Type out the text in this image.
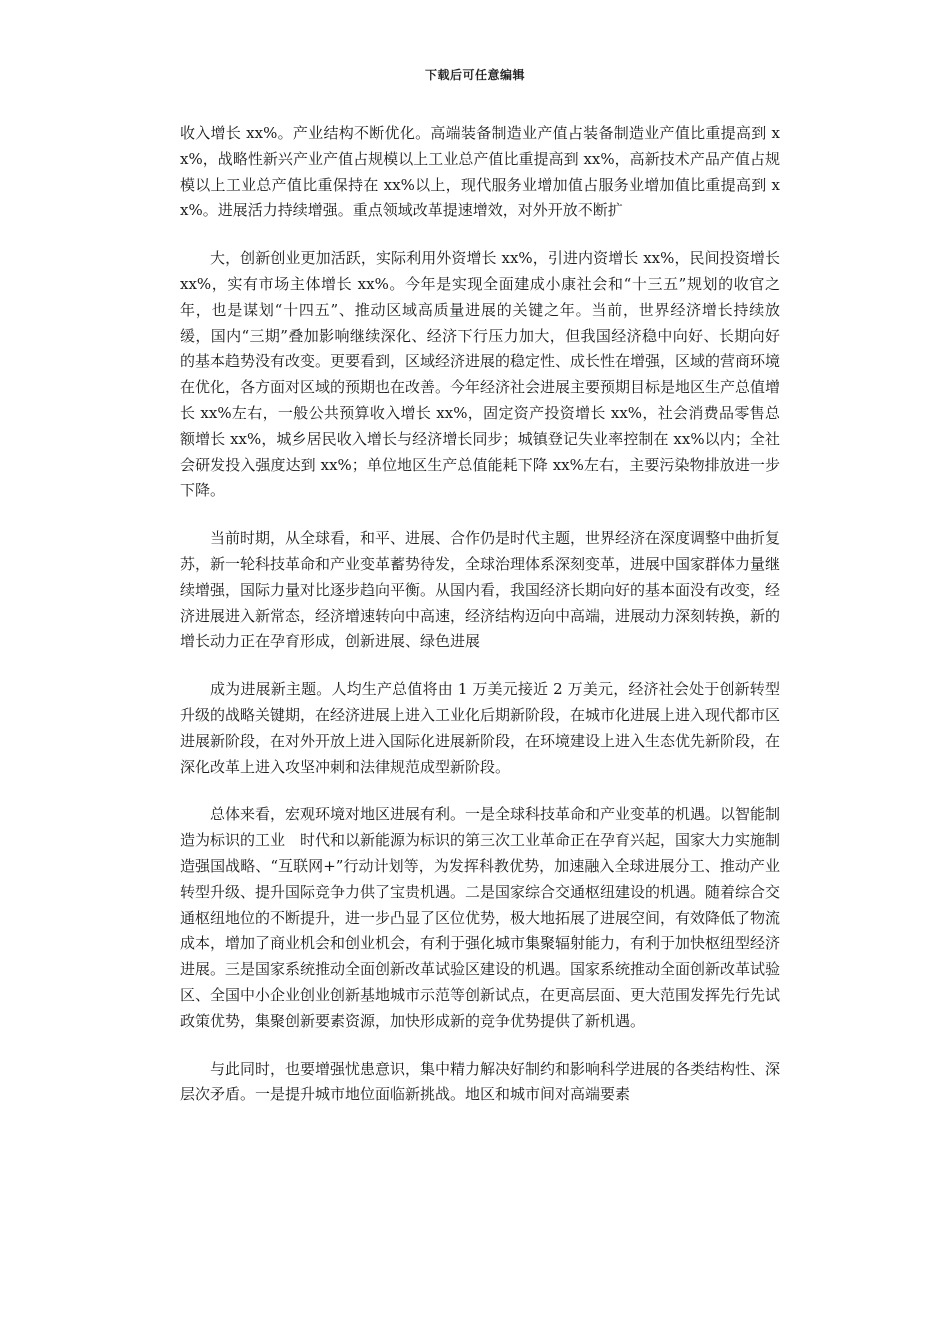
下载后可任意编辑

收入增长 xx%。产业结构不断优化。高端装备制造业产值占装备制造业产值比重提高到 xx%，战略性新兴产业产值占规模以上工业总产值比重提高到 xx%，高新技术产品产值占规模以上工业总产值比重保持在 xx%以上，现代服务业增加值占服务业增加值比重提高到 xx%。进展活力持续增强。重点领域改革提速增效，对外开放不断扩

大，创新创业更加活跃，实际利用外资增长 xx%，引进内资增长 xx%，民间投资增长 xx%，实有市场主体增长 xx%。今年是实现全面建成小康社会和“十三五”规划的收官之年，也是谋划“十四五”、推动区域高质量进展的关键之年。当前，世界经济增长持续放缓，国内“三期”叠加影响继续深化、经济下行压力加大，但我国经济稳中向好、长期向好的基本趋势没有改变。更要看到，区域经济进展的稳定性、成长性在增强，区域的营商环境在优化，各方面对区域的预期也在改善。今年经济社会进展主要预期目标是地区生产总值增长 xx%左右，一般公共预算收入增长 xx%，固定资产投资增长 xx%，社会消费品零售总额增长 xx%，城乡居民收入增长与经济增长同步；城镇登记失业率控制在 xx%以内；全社会研发投入强度达到 xx%；单位地区生产总值能耗下降 xx%左右，主要污染物排放进一步下降。

当前时期，从全球看，和平、进展、合作仍是时代主题，世界经济在深度调整中曲折复苏，新一轮科技革命和产业变革蓄势待发，全球治理体系深刻变革，进展中国家群体力量继续增强，国际力量对比逐步趋向平衡。从国内看，我国经济长期向好的基本面没有改变，经济进展进入新常态，经济增速转向中高速，经济结构迈向中高端，进展动力深刻转换，新的增长动力正在孕育形成，创新进展、绿色进展

成为进展新主题。人均生产总值将由 1 万美元接近 2 万美元，经济社会处于创新转型升级的战略关键期，在经济进展上进入工业化后期新阶段，在城市化进展上进入现代都市区进展新阶段，在对外开放上进入国际化进展新阶段，在环境建设上进入生态优先新阶段，在深化改革上进入攻坚冲刺和法律规范成型新阶段。

总体来看，宏观环境对地区进展有利。一是全球科技革命和产业变革的机遇。以智能制造为标识的工业　时代和以新能源为标识的第三次工业革命正在孕育兴起，国家大力实施制造强国战略、“互联网+”行动计划等，为发挥科教优势，加速融入全球进展分工、推动产业转型升级、提升国际竞争力供了宝贵机遇。二是国家综合交通枢纽建设的机遇。随着综合交通枢纽地位的不断提升，进一步凸显了区位优势，极大地拓展了进展空间，有效降低了物流成本，增加了商业机会和创业机会，有利于强化城市集聚辐射能力，有利于加快枢纽型经济进展。三是国家系统推动全面创新改革试验区建设的机遇。国家系统推动全面创新改革试验区、全国中小企业创业创新基地城市示范等创新试点，在更高层面、更大范围发挥先行先试政策优势，集聚创新要素资源，加快形成新的竞争优势提供了新机遇。

与此同时，也要增强忧患意识，集中精力解决好制约和影响科学进展的各类结构性、深层次矛盾。一是提升城市地位面临新挑战。地区和城市间对高端要素
